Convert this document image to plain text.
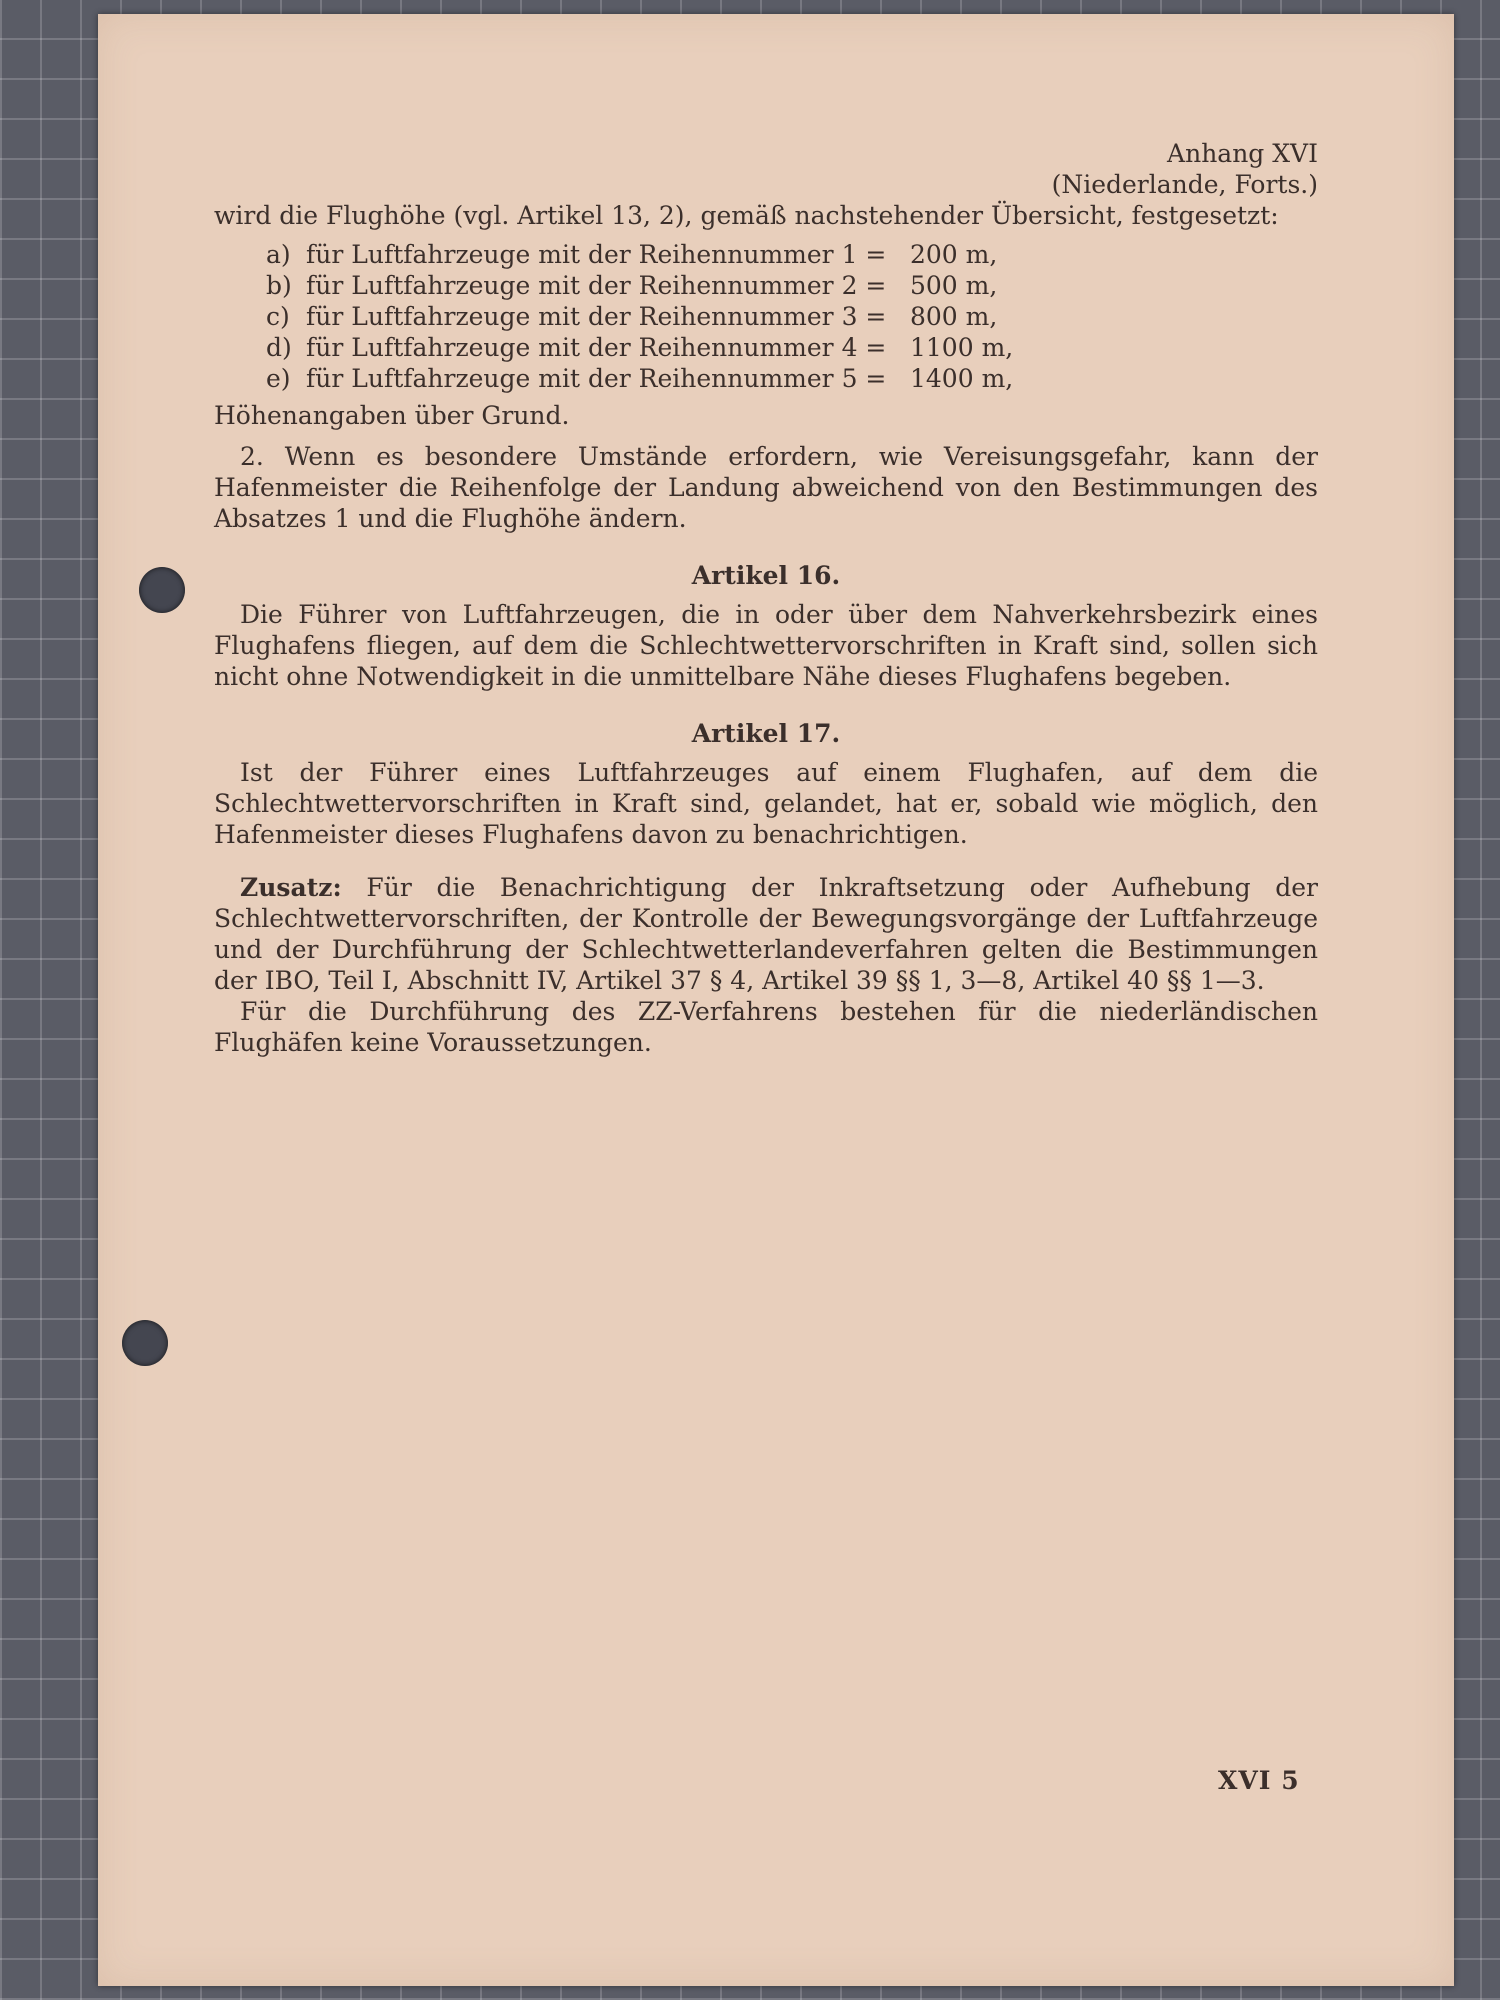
Anhang XVI
(Niederlande, Forts.)

wird die Flughöhe (vgl. Artikel 13, 2), gemäß nachstehender Übersicht, festgesetzt:

a) für Luftfahrzeuge mit der Reihennummer 1 = 200 m,
b) für Luftfahrzeuge mit der Reihennummer 2 = 500 m,
c) für Luftfahrzeuge mit der Reihennummer 3 = 800 m,
d) für Luftfahrzeuge mit der Reihennummer 4 = 1100 m,
e) für Luftfahrzeuge mit der Reihennummer 5 = 1400 m,

Höhenangaben über Grund.

2. Wenn es besondere Umstände erfordern, wie Vereisungsgefahr, kann der Hafenmeister die Reihenfolge der Landung abweichend von den Bestimmungen des Absatzes 1 und die Flughöhe ändern.

Artikel 16.

Die Führer von Luftfahrzeugen, die in oder über dem Nahverkehrsbezirk eines Flughafens fliegen, auf dem die Schlechtwettervorschriften in Kraft sind, sollen sich nicht ohne Notwendigkeit in die unmittelbare Nähe dieses Flughafens begeben.

Artikel 17.

Ist der Führer eines Luftfahrzeuges auf einem Flughafen, auf dem die Schlechtwettervorschriften in Kraft sind, gelandet, hat er, sobald wie möglich, den Hafenmeister dieses Flughafens davon zu benachrichtigen.

Zusatz: Für die Benachrichtigung der Inkraftsetzung oder Aufhebung der Schlechtwettervorschriften, der Kontrolle der Bewegungsvorgänge der Luftfahrzeuge und der Durchführung der Schlechtwetterlandeverfahren gelten die Bestimmungen der IBO, Teil I, Abschnitt IV, Artikel 37 § 4, Artikel 39 §§ 1, 3—8, Artikel 40 §§ 1—3.

Für die Durchführung des ZZ-Verfahrens bestehen für die niederländischen Flughäfen keine Voraussetzungen.

XVI 5
